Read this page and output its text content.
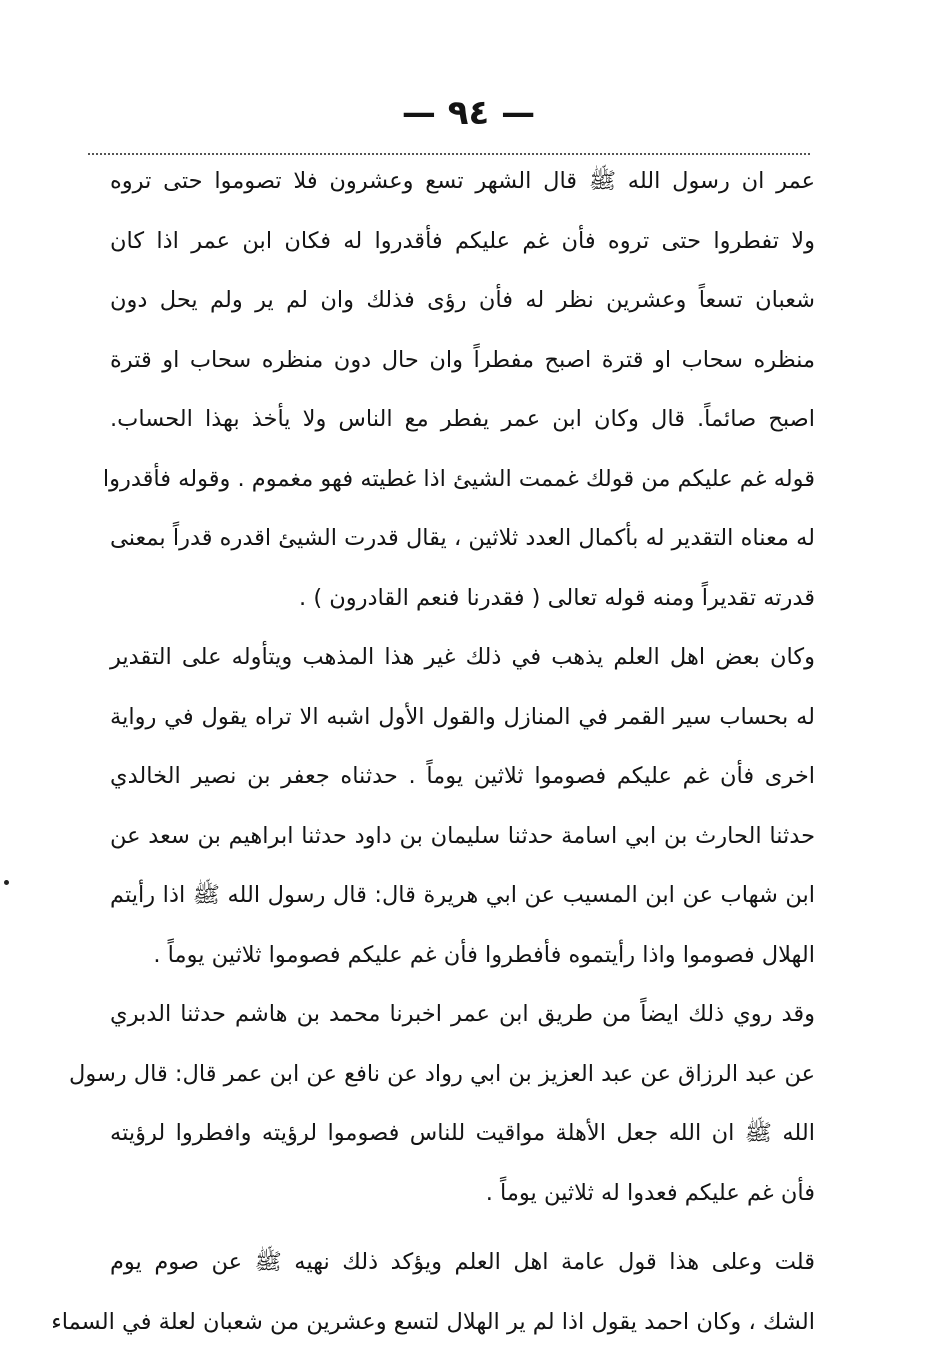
— ٩٤ —
عمر ان رسول الله ﷺ قال الشهر تسع وعشرون فلا تصوموا حتى تروه
ولا تفطروا حتى تروه فأن غم عليكم فأقدروا له فكان ابن عمر اذا كان
شعبان تسعاً وعشرين نظر له فأن رؤى فذلك وان لم ير ولم يحل دون
منظره سحاب او قترة اصبح مفطراً وان حال دون منظره سحاب او قترة
اصبح صائماً. قال وكان ابن عمر يفطر مع الناس ولا يأخذ بهذا الحساب.
قوله غم عليكم من قولك غممت الشيئ اذا غطيته فهو مغموم . وقوله فأقدروا
له معناه التقدير له بأكمال العدد ثلاثين ، يقال قدرت الشيئ اقدره قدراً بمعنى
قدرته تقديراً ومنه قوله تعالى ( فقدرنا فنعم القادرون ) .
وكان بعض اهل العلم يذهب في ذلك غير هذا المذهب ويتأوله على التقدير
له بحساب سير القمر في المنازل والقول الأول اشبه الا تراه يقول في رواية
اخرى فأن غم عليكم فصوموا ثلاثين يوماً . حدثناه جعفر بن نصير الخالدي
حدثنا الحارث بن ابي اسامة حدثنا سليمان بن داود حدثنا ابراهيم بن سعد عن
ابن شهاب عن ابن المسيب عن ابي هريرة قال: قال رسول الله ﷺ اذا رأيتم
الهلال فصوموا واذا رأيتموه فأفطروا فأن غم عليكم فصوموا ثلاثين يوماً .
وقد روي ذلك ايضاً من طريق ابن عمر اخبرنا محمد بن هاشم حدثنا الدبري
عن عبد الرزاق عن عبد العزيز بن ابي رواد عن نافع عن ابن عمر قال: قال رسول
الله ﷺ ان الله جعل الأهلة مواقيت للناس فصوموا لرؤيته وافطروا لرؤيته
فأن غم عليكم فعدوا له ثلاثين يوماً .
قلت وعلى هذا قول عامة اهل العلم ويؤكد ذلك نهيه ﷺ عن صوم يوم
الشك ، وكان احمد يقول اذا لم ير الهلال لتسع وعشرين من شعبان لعلة في السماء
